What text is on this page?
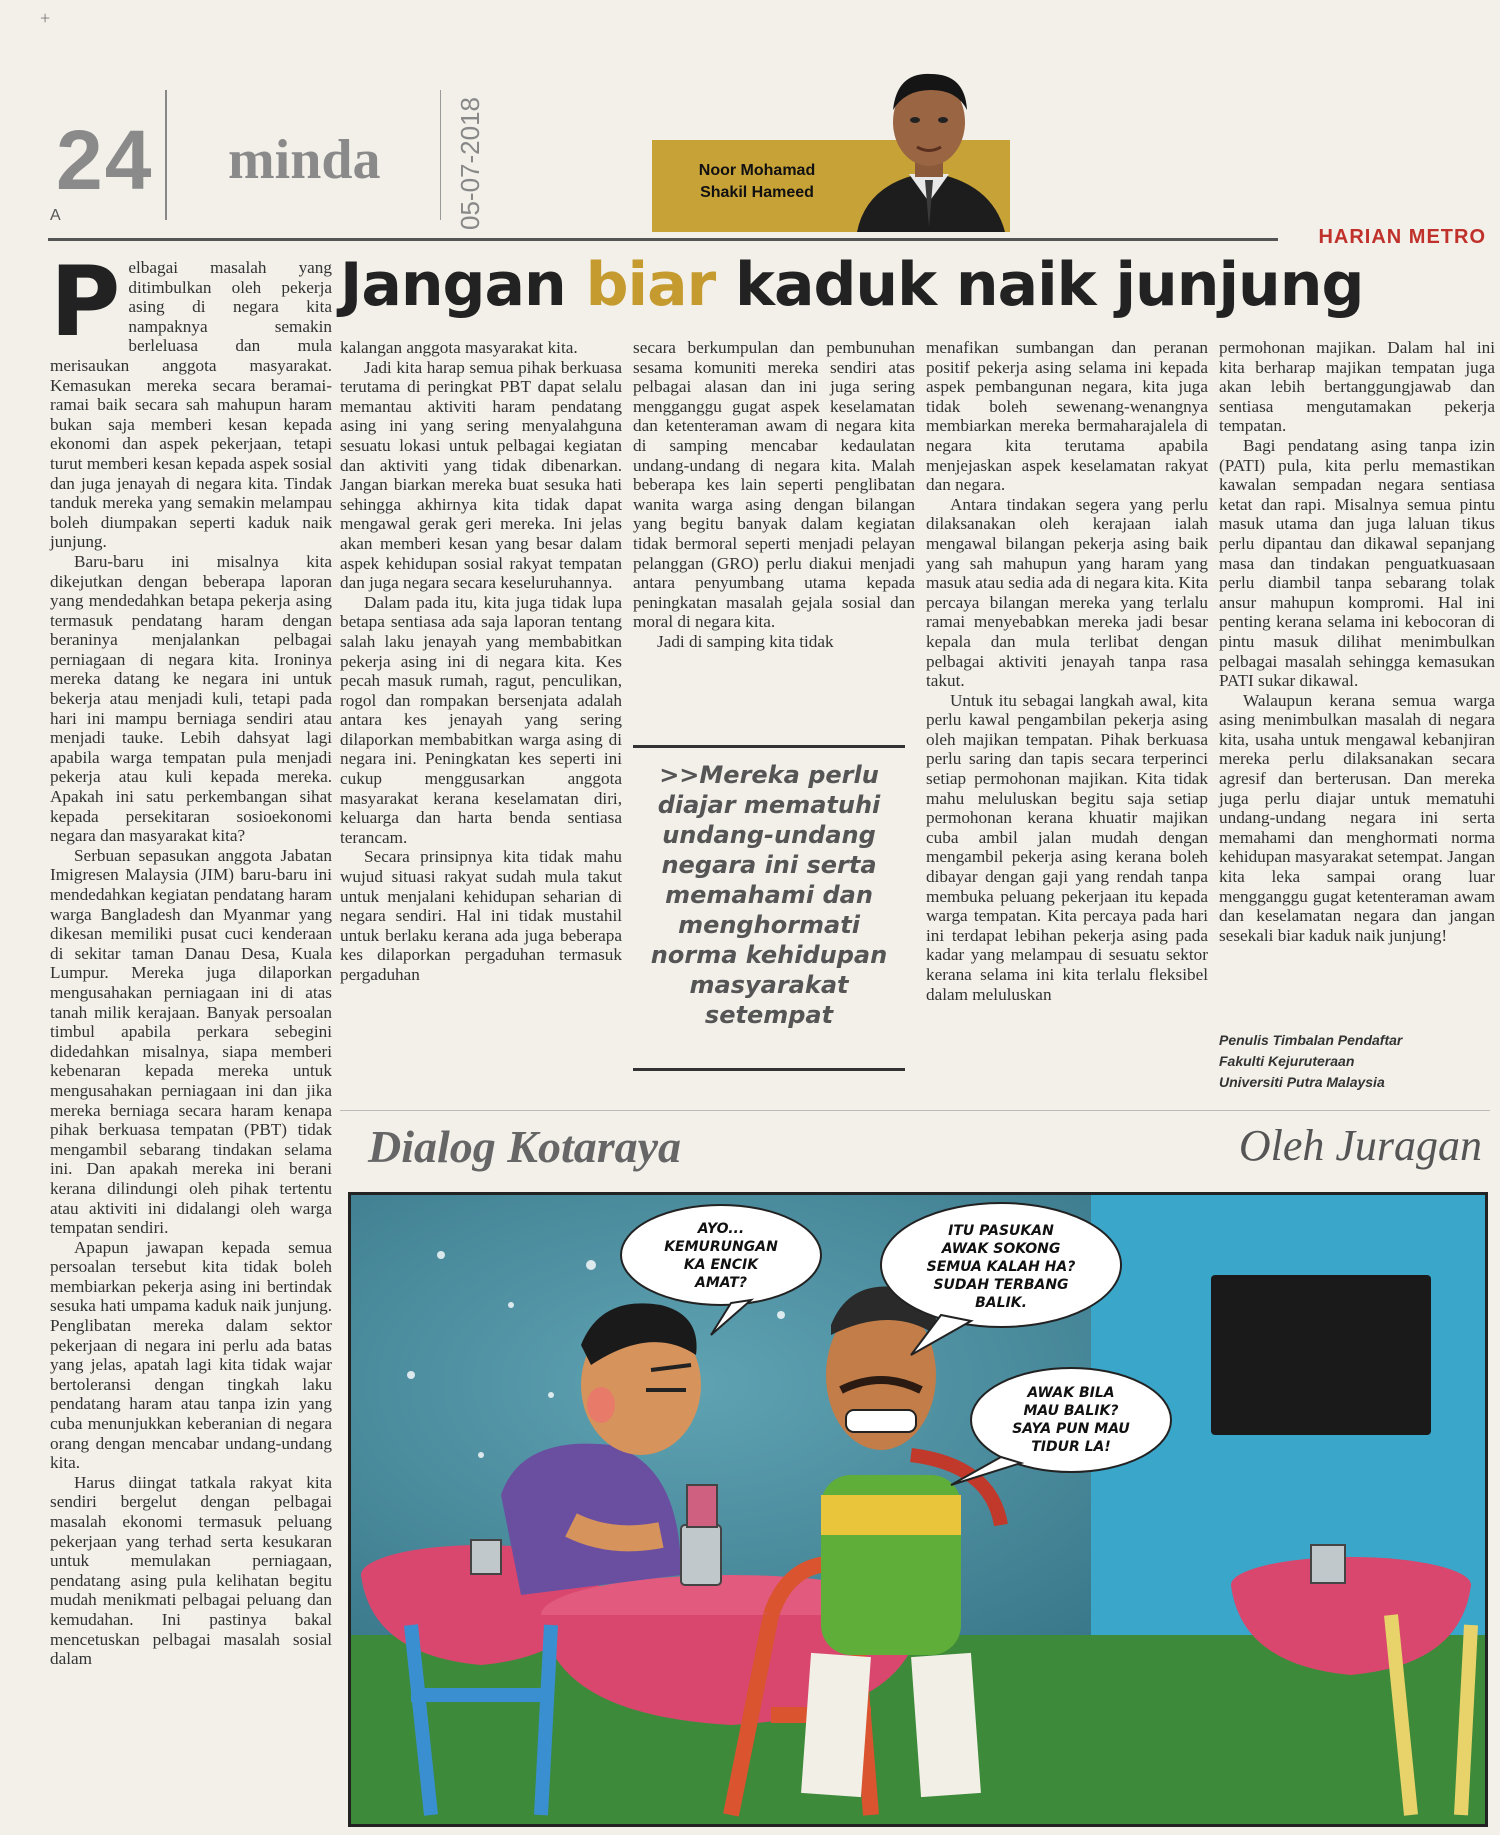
+
24
A
minda	05-07-2018	Noor Mohamad
Shakil Hameed
HARIAN METRO
Jangan biar kaduk naik junjung

Pelbagai masalah yang ditimbulkan oleh pekerja asing di negara kita nampaknya semakin berleluasa dan mula merisaukan anggota masyarakat. Kemasukan mereka secara beramai-ramai baik secara sah mahupun haram bukan saja memberi kesan kepada ekonomi dan aspek pekerjaan, tetapi turut memberi kesan kepada aspek sosial dan juga jenayah di negara kita. Tindak tanduk mereka yang semakin melampau boleh diumpakan seperti kaduk naik junjung.

Baru-baru ini misalnya kita dikejutkan dengan beberapa laporan yang mendedahkan betapa pekerja asing termasuk pendatang haram dengan beraninya menjalankan pelbagai perniagaan di negara kita. Ironinya mereka datang ke negara ini untuk bekerja atau menjadi kuli, tetapi pada hari ini mampu berniaga sendiri atau menjadi tauke. Lebih dahsyat lagi apabila warga tempatan pula menjadi pekerja atau kuli kepada mereka. Apakah ini satu perkembangan sihat kepada persekitaran sosioekonomi negara dan masyarakat kita?

Serbuan sepasukan anggota Jabatan Imigresen Malaysia (JIM) baru-baru ini mendedahkan kegiatan pendatang haram warga Bangladesh dan Myanmar yang dikesan memiliki pusat cuci kenderaan di sekitar taman Danau Desa, Kuala Lumpur. Mereka juga dilaporkan mengusahakan perniagaan ini di atas tanah milik kerajaan. Banyak persoalan timbul apabila perkara sebegini didedahkan misalnya, siapa memberi kebenaran kepada mereka untuk mengusahakan perniagaan ini dan jika mereka berniaga secara haram kenapa pihak berkuasa tempatan (PBT) tidak mengambil sebarang tindakan selama ini. Dan apakah mereka ini berani kerana dilindungi oleh pihak tertentu atau aktiviti ini didalangi oleh warga tempatan sendiri.

Apapun jawapan kepada semua persoalan tersebut kita tidak boleh membiarkan pekerja asing ini bertindak sesuka hati umpama kaduk naik junjung. Penglibatan mereka dalam sektor pekerjaan di negara ini perlu ada batas yang jelas, apatah lagi kita tidak wajar bertoleransi dengan tingkah laku pendatang haram atau tanpa izin yang cuba menunjukkan keberanian di negara orang dengan mencabar undang-undang kita.

Harus diingat tatkala rakyat kita sendiri bergelut dengan pelbagai masalah ekonomi termasuk peluang pekerjaan yang terhad serta kesukaran untuk memulakan perniagaan, pendatang asing pula kelihatan begitu mudah menikmati pelbagai peluang dan kemudahan. Ini pastinya bakal mencetuskan pelbagai masalah sosial dalam

kalangan anggota masyarakat kita.

Jadi kita harap semua pihak berkuasa terutama di peringkat PBT dapat selalu memantau aktiviti haram pendatang asing ini yang sering menyalahguna sesuatu lokasi untuk pelbagai kegiatan dan aktiviti yang tidak dibenarkan. Jangan biarkan mereka buat sesuka hati sehingga akhirnya kita tidak dapat mengawal gerak geri mereka. Ini jelas akan memberi kesan yang besar dalam aspek kehidupan sosial rakyat tempatan dan juga negara secara keseluruhannya.

Dalam pada itu, kita juga tidak lupa betapa sentiasa ada saja laporan tentang salah laku jenayah yang membabitkan pekerja asing ini di negara kita. Kes pecah masuk rumah, ragut, penculikan, rogol dan rompakan bersenjata adalah antara kes jenayah yang sering dilaporkan membabitkan warga asing di negara ini. Peningkatan kes seperti ini cukup menggusarkan anggota masyarakat kerana keselamatan diri, keluarga dan harta benda sentiasa terancam.

Secara prinsipnya kita tidak mahu wujud situasi rakyat sudah mula takut untuk menjalani kehidupan seharian di negara sendiri. Hal ini tidak mustahil untuk berlaku kerana ada juga beberapa kes dilaporkan pergaduhan termasuk pergaduhan

secara berkumpulan dan pembunuhan sesama komuniti mereka sendiri atas pelbagai alasan dan ini juga sering mengganggu gugat aspek keselamatan dan ketenteraman awam di negara kita di samping mencabar kedaulatan undang-undang di negara kita. Malah beberapa kes lain seperti penglibatan wanita warga asing dengan bilangan yang begitu banyak dalam kegiatan tidak bermoral seperti menjadi pelayan pelanggan (GRO) perlu diakui menjadi antara penyumbang utama kepada peningkatan masalah gejala sosial dan moral di negara kita.

Jadi di samping kita tidak

>>Mereka perlu diajar mematuhi undang-undang negara ini serta memahami dan menghormati norma kehidupan masyarakat setempat

menafikan sumbangan dan peranan positif pekerja asing selama ini kepada aspek pembangunan negara, kita juga tidak boleh sewenang-wenangnya membiarkan mereka bermaharajalela di negara kita terutama apabila menjejaskan aspek keselamatan rakyat dan negara.

Antara tindakan segera yang perlu dilaksanakan oleh kerajaan ialah mengawal bilangan pekerja asing baik yang sah mahupun yang haram yang masuk atau sedia ada di negara kita. Kita percaya bilangan mereka yang terlalu ramai menyebabkan mereka jadi besar kepala dan mula terlibat dengan pelbagai aktiviti jenayah tanpa rasa takut.

Untuk itu sebagai langkah awal, kita perlu kawal pengambilan pekerja asing oleh majikan tempatan. Pihak berkuasa perlu saring dan tapis secara terperinci setiap permohonan majikan. Kita tidak mahu meluluskan begitu saja setiap permohonan kerana khuatir majikan cuba ambil jalan mudah dengan mengambil pekerja asing kerana boleh dibayar dengan gaji yang rendah tanpa membuka peluang pekerjaan itu kepada warga tempatan. Kita percaya pada hari ini terdapat lebihan pekerja asing pada kadar yang melampau di sesuatu sektor kerana selama ini kita terlalu fleksibel dalam meluluskan

permohonan majikan. Dalam hal ini kita berharap majikan tempatan juga akan lebih bertanggungjawab dan sentiasa mengutamakan pekerja tempatan.

Bagi pendatang asing tanpa izin (PATI) pula, kita perlu memastikan kawalan sempadan negara sentiasa ketat dan rapi. Misalnya semua pintu masuk utama dan juga laluan tikus perlu dipantau dan dikawal sepanjang masa dan tindakan penguatkuasaan perlu diambil tanpa sebarang tolak ansur mahupun kompromi. Hal ini penting kerana selama ini kebocoran di pintu masuk dilihat menimbulkan pelbagai masalah sehingga kemasukan PATI sukar dikawal.

Walaupun kerana semua warga asing menimbulkan masalah di negara kita, usaha untuk mengawal kebanjiran mereka perlu dilaksanakan secara agresif dan berterusan. Dan mereka juga perlu diajar untuk mematuhi undang-undang negara ini serta memahami dan menghormati norma kehidupan masyarakat setempat. Jangan kita leka sampai orang luar mengganggu gugat ketenteraman awam dan keselamatan negara dan jangan sesekali biar kaduk naik junjung!

Penulis Timbalan Pendaftar
Fakulti Kejuruteraan
Universiti Putra Malaysia
Dialog Kotaraya	Oleh Juragan
AYO...
KEMURUNGAN
KA ENCIK
AMAT?
ITU PASUKAN
AWAK SOKONG
SEMUA KALAH HA?
SUDAH TERBANG
BALIK.
AWAK BILA
MAU BALIK?
SAYA PUN MAU
TIDUR LA!
